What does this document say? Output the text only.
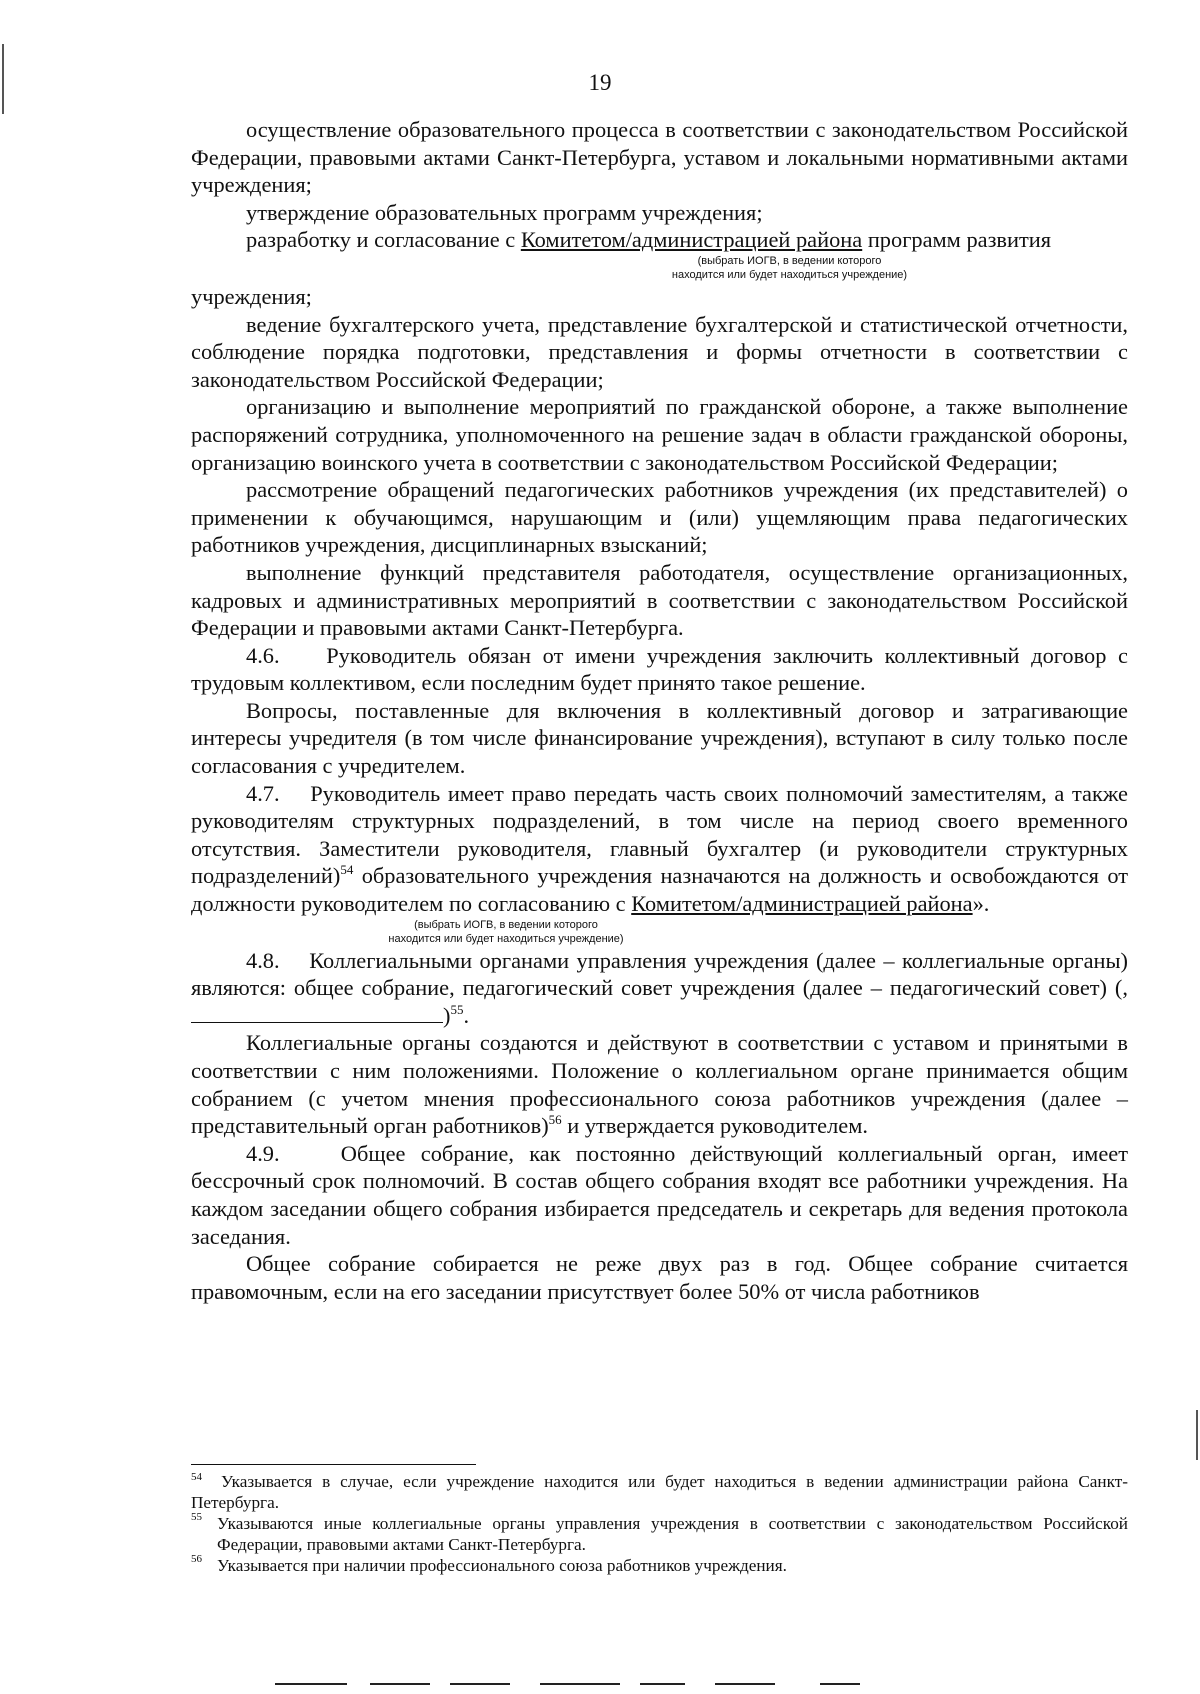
19

осуществление образовательного процесса в соответствии с законодательством Российской Федерации, правовыми актами Санкт-Петербурга, уставом и локальными нормативными актами учреждения;

утверждение образовательных программ учреждения;

разработку и согласование с Комитетом/администрацией района программ развития

(выбрать ИОГВ, в ведении которого
находится или будет находиться учреждение)

учреждения;

ведение бухгалтерского учета, представление бухгалтерской и статистической отчетности, соблюдение порядка подготовки, представления и формы отчетности в соответствии с законодательством Российской Федерации;

организацию и выполнение мероприятий по гражданской обороне, а также выполнение распоряжений сотрудника, уполномоченного на решение задач в области гражданской обороны, организацию воинского учета в соответствии с законодательством Российской Федерации;

рассмотрение обращений педагогических работников учреждения (их представителей) о применении к обучающимся, нарушающим и (или) ущемляющим права педагогических работников учреждения, дисциплинарных взысканий;

выполнение функций представителя работодателя, осуществление организационных, кадровых и административных мероприятий в соответствии с законодательством Российской Федерации и правовыми актами Санкт-Петербурга.

4.6.    Руководитель обязан от имени учреждения заключить коллективный договор с трудовым коллективом, если последним будет принято такое решение.

Вопросы, поставленные для включения в коллективный договор и затрагивающие интересы учредителя (в том числе финансирование учреждения), вступают в силу только после согласования с учредителем.

4.7.    Руководитель имеет право передать часть своих полномочий заместителям, а также руководителям структурных подразделений, в том числе на период своего временного отсутствия. Заместители руководителя, главный бухгалтер (и руководители структурных подразделений)$^{54}$ образовательного учреждения назначаются на должность и освобождаются от должности руководителем по согласованию с Комитетом/администрацией района».

(выбрать ИОГВ, в ведении которого
находится или будет находиться учреждение)

4.8.    Коллегиальными органами управления учреждения (далее – коллегиальные органы) являются: общее собрание, педагогический совет учреждения (далее – педагогический совет) (,)$^{55}$.

Коллегиальные органы создаются и действуют в соответствии с уставом и принятыми в соответствии с ним положениями. Положение о коллегиальном органе принимается общим собранием (с учетом мнения профессионального союза работников учреждения (далее – представительный орган работников)$^{56}$ и утверждается руководителем.

4.9.    Общее собрание, как постоянно действующий коллегиальный орган, имеет бессрочный срок полномочий. В состав общего собрания входят все работники учреждения. На каждом заседании общего собрания избирается председатель и секретарь для ведения протокола заседания.

Общее собрание собирается не реже двух раз в год. Общее собрание считается правомочным, если на его заседании присутствует более 50% от числа работников

54	Указывается в случае, если учреждение находится или будет находиться в ведении администрации района Санкт-Петербурга.
55 Указываются иные коллегиальные органы управления учреждения в соответствии с законодательством Российской Федерации, правовыми актами Санкт-Петербурга.
56 Указывается при наличии профессионального союза работников учреждения.
